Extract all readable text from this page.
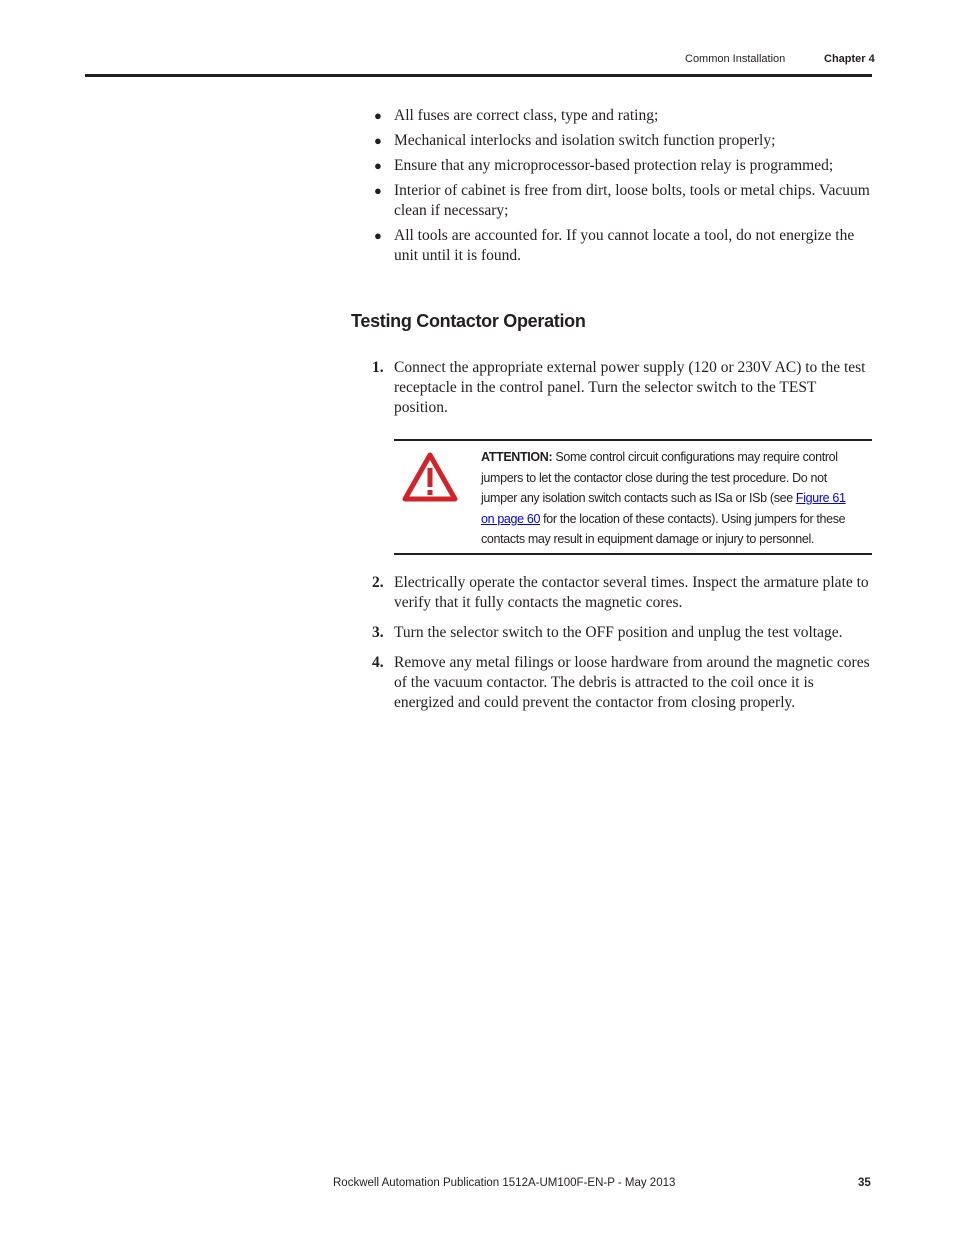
Common Installation	Chapter 4
● All fuses are correct class, type and rating;
● Mechanical interlocks and isolation switch function properly;
● Ensure that any microprocessor-based protection relay is programmed;
● Interior of cabinet is free from dirt, loose bolts, tools or metal chips. Vacuum clean if necessary;
● All tools are accounted for. If you cannot locate a tool, do not energize the unit until it is found.
Testing Contactor Operation
1. Connect the appropriate external power supply (120 or 230V AC) to the test receptacle in the control panel. Turn the selector switch to the TEST position.
ATTENTION: Some control circuit configurations may require control jumpers to let the contactor close during the test procedure. Do not jumper any isolation switch contacts such as ISa or ISb (see Figure 61 on page 60 for the location of these contacts). Using jumpers for these contacts may result in equipment damage or injury to personnel.
2. Electrically operate the contactor several times. Inspect the armature plate to verify that it fully contacts the magnetic cores.
3. Turn the selector switch to the OFF position and unplug the test voltage.
4. Remove any metal filings or loose hardware from around the magnetic cores of the vacuum contactor. The debris is attracted to the coil once it is energized and could prevent the contactor from closing properly.
Rockwell Automation Publication 1512A-UM100F-EN-P - May 2013	35
